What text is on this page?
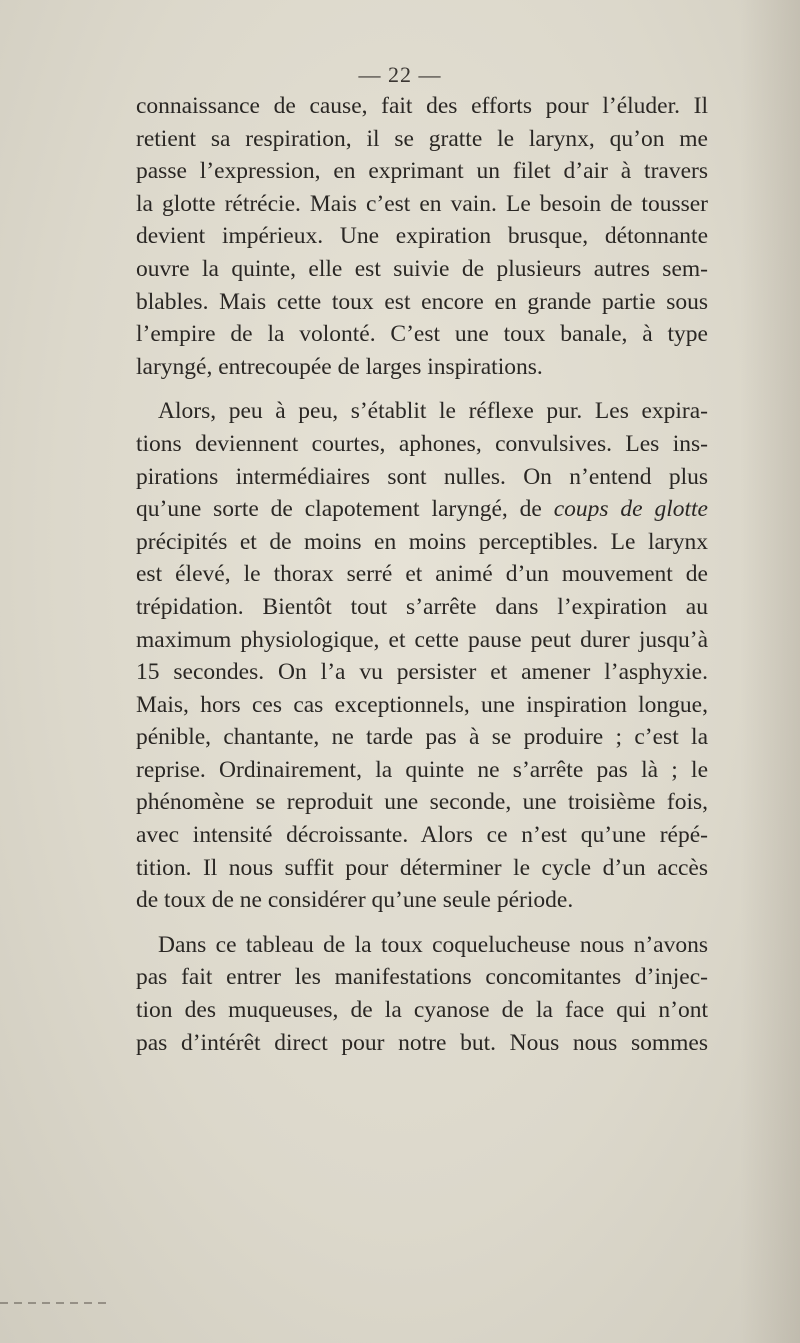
— 22 —

connaissance de cause, fait des efforts pour l’éluder. Il
retient sa respiration, il se gratte le larynx, qu’on me
passe l’expression, en exprimant un filet d’air à travers
la glotte rétrécie. Mais c’est en vain. Le besoin de tousser
devient impérieux. Une expiration brusque, détonnante
ouvre la quinte, elle est suivie de plusieurs autres sem-
blables. Mais cette toux est encore en grande partie sous
l’empire de la volonté. C’est une toux banale, à type
laryngé, entrecoupée de larges inspirations.

Alors, peu à peu, s’établit le réflexe pur. Les expira-
tions deviennent courtes, aphones, convulsives. Les ins-
pirations intermédiaires sont nulles. On n’entend plus
qu’une sorte de clapotement laryngé, de coups de glotte
précipités et de moins en moins perceptibles. Le larynx
est élevé, le thorax serré et animé d’un mouvement de
trépidation. Bientôt tout s’arrête dans l’expiration au
maximum physiologique, et cette pause peut durer jusqu’à
15 secondes. On l’a vu persister et amener l’asphyxie.
Mais, hors ces cas exceptionnels, une inspiration longue,
pénible, chantante, ne tarde pas à se produire ; c’est la
reprise. Ordinairement, la quinte ne s’arrête pas là ; le
phénomène se reproduit une seconde, une troisième fois,
avec intensité décroissante. Alors ce n’est qu’une répé-
tition. Il nous suffit pour déterminer le cycle d’un accès
de toux de ne considérer qu’une seule période.

Dans ce tableau de la toux coquelucheuse nous n’avons
pas fait entrer les manifestations concomitantes d’injec-
tion des muqueuses, de la cyanose de la face qui n’ont
pas d’intérêt direct pour notre but. Nous nous sommes
